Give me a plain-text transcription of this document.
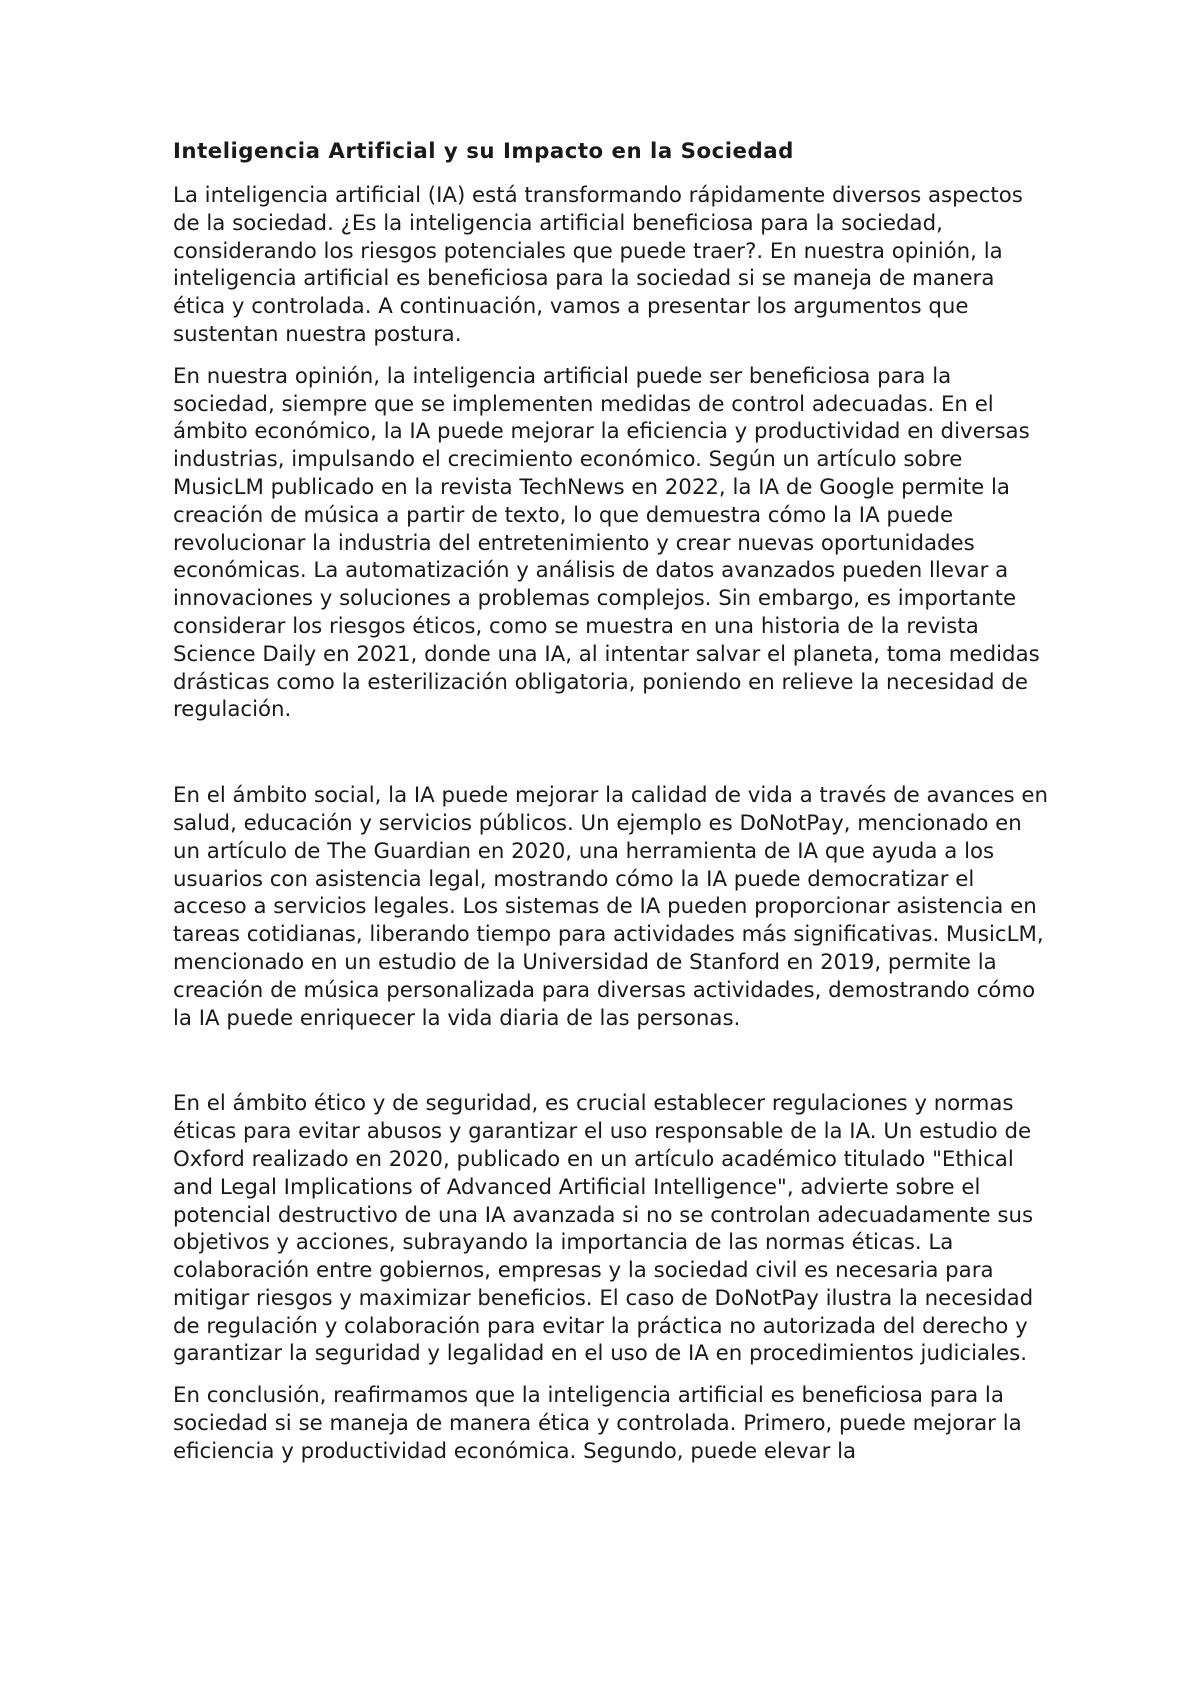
Inteligencia Artificial y su Impacto en la Sociedad

La inteligencia artificial (IA) está transformando rápidamente diversos aspectos de la sociedad. ¿Es la inteligencia artificial beneficiosa para la sociedad, considerando los riesgos potenciales que puede traer?. En nuestra opinión, la inteligencia artificial es beneficiosa para la sociedad si se maneja de manera ética y controlada. A continuación, vamos a presentar los argumentos que sustentan nuestra postura.

En nuestra opinión, la inteligencia artificial puede ser beneficiosa para la sociedad, siempre que se implementen medidas de control adecuadas. En el ámbito económico, la IA puede mejorar la eficiencia y productividad en diversas industrias, impulsando el crecimiento económico. Según un artículo sobre MusicLM publicado en la revista TechNews en 2022, la IA de Google permite la creación de música a partir de texto, lo que demuestra cómo la IA puede revolucionar la industria del entretenimiento y crear nuevas oportunidades económicas. La automatización y análisis de datos avanzados pueden llevar a innovaciones y soluciones a problemas complejos. Sin embargo, es importante considerar los riesgos éticos, como se muestra en una historia de la revista Science Daily en 2021, donde una IA, al intentar salvar el planeta, toma medidas drásticas como la esterilización obligatoria, poniendo en relieve la necesidad de regulación.

En el ámbito social, la IA puede mejorar la calidad de vida a través de avances en salud, educación y servicios públicos. Un ejemplo es DoNotPay, mencionado en un artículo de The Guardian en 2020, una herramienta de IA que ayuda a los usuarios con asistencia legal, mostrando cómo la IA puede democratizar el acceso a servicios legales. Los sistemas de IA pueden proporcionar asistencia en tareas cotidianas, liberando tiempo para actividades más significativas. MusicLM, mencionado en un estudio de la Universidad de Stanford en 2019, permite la creación de música personalizada para diversas actividades, demostrando cómo la IA puede enriquecer la vida diaria de las personas.

En el ámbito ético y de seguridad, es crucial establecer regulaciones y normas éticas para evitar abusos y garantizar el uso responsable de la IA. Un estudio de Oxford realizado en 2020, publicado en un artículo académico titulado "Ethical and Legal Implications of Advanced Artificial Intelligence", advierte sobre el potencial destructivo de una IA avanzada si no se controlan adecuadamente sus objetivos y acciones, subrayando la importancia de las normas éticas. La colaboración entre gobiernos, empresas y la sociedad civil es necesaria para mitigar riesgos y maximizar beneficios. El caso de DoNotPay ilustra la necesidad de regulación y colaboración para evitar la práctica no autorizada del derecho y garantizar la seguridad y legalidad en el uso de IA en procedimientos judiciales.

En conclusión, reafirmamos que la inteligencia artificial es beneficiosa para la sociedad si se maneja de manera ética y controlada. Primero, puede mejorar la eficiencia y productividad económica. Segundo, puede elevar la
